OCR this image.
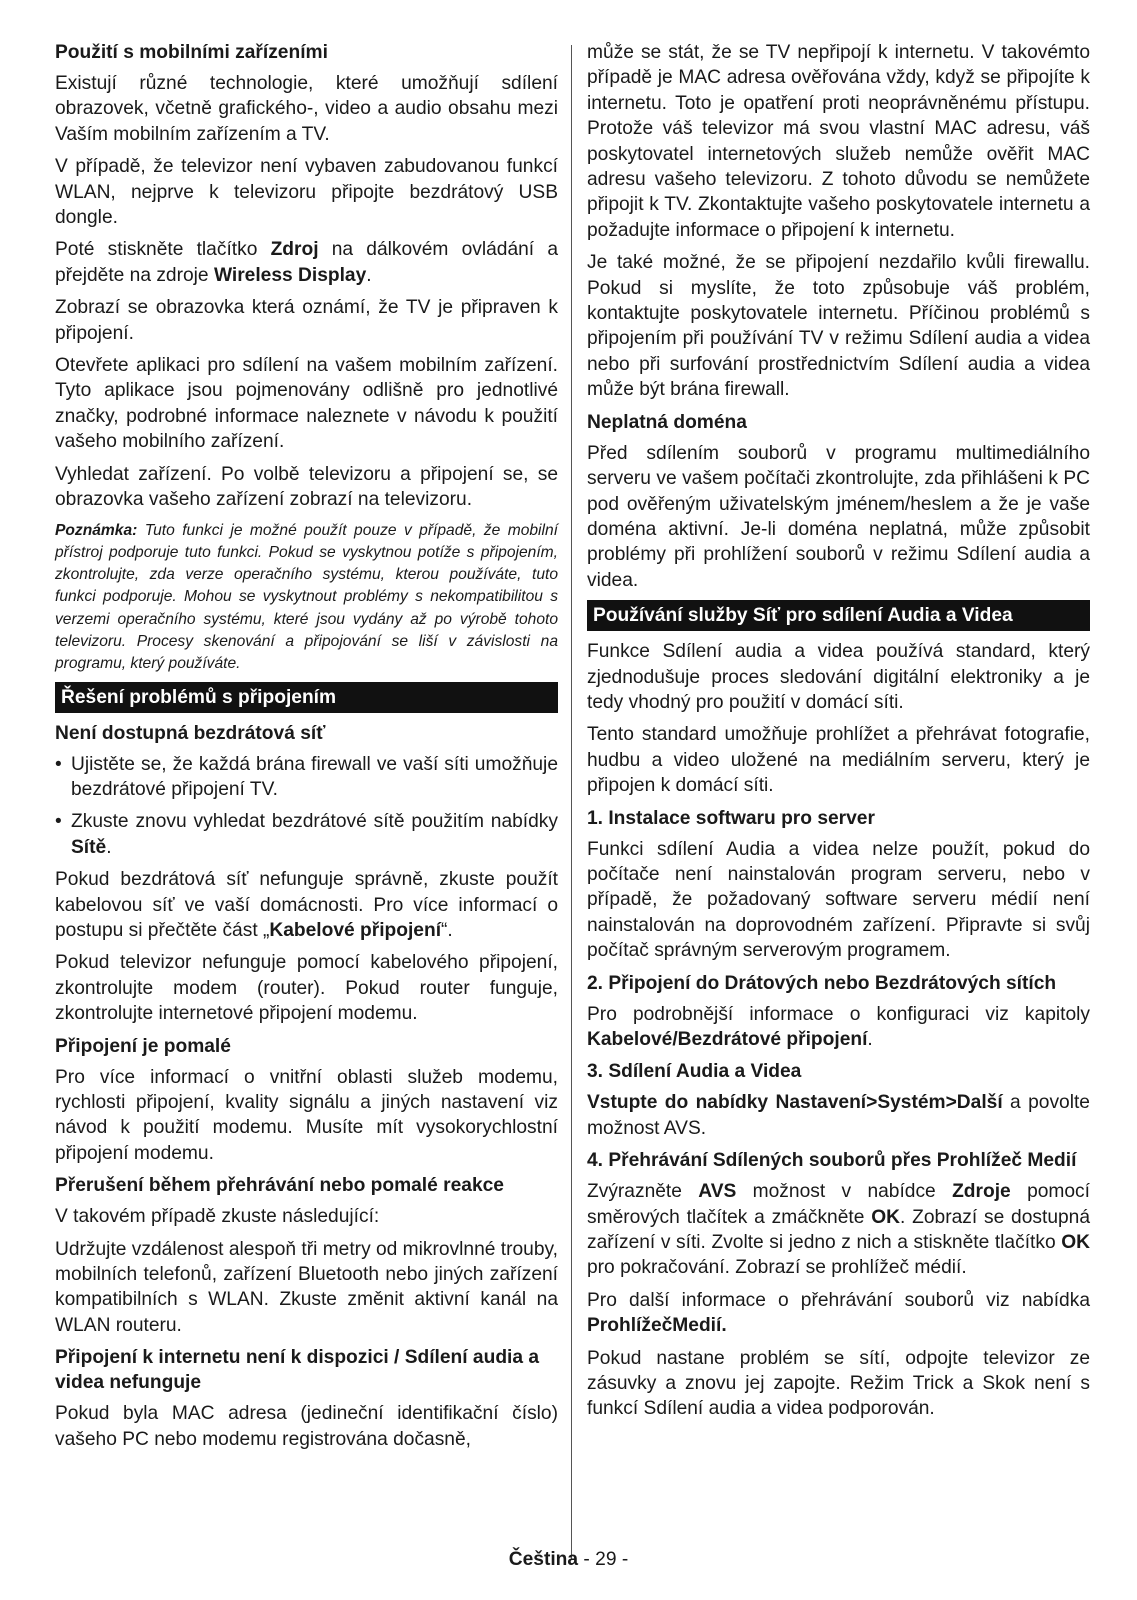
Použití s mobilními zařízeními
Existují různé technologie, které umožňují sdílení obrazovek, včetně grafického-, video a audio obsahu mezi Vaším mobilním zařízením a TV.
V případě, že televizor není vybaven zabudovanou funkcí WLAN, nejprve k televizoru připojte bezdrátový USB dongle.
Poté stiskněte tlačítko Zdroj na dálkovém ovládání a přejděte na zdroje Wireless Display.
Zobrazí se obrazovka která oznámí, že TV je připraven k připojení.
Otevřete aplikaci pro sdílení na vašem mobilním zařízení. Tyto aplikace jsou pojmenovány odlišně pro jednotlivé značky, podrobné informace naleznete v návodu k použití vašeho mobilního zařízení.
Vyhledat zařízení. Po volbě televizoru a připojení se, se obrazovka vašeho zařízení zobrazí na televizoru.
Poznámka: Tuto funkci je možné použít pouze v případě, že mobilní přístroj podporuje tuto funkci. Pokud se vyskytnou potíže s připojením, zkontrolujte, zda verze operačního systému, kterou používáte, tuto funkci podporuje. Mohou se vyskytnout problémy s nekompatibilitou s verzemi operačního systému, které jsou vydány až po výrobě tohoto televizoru. Procesy skenování a připojování se liší v závislosti na programu, který používáte.
Řešení problémů s připojením
Není dostupná bezdrátová síť
• Ujistěte se, že každá brána firewall ve vaší síti umožňuje bezdrátové připojení TV.
• Zkuste znovu vyhledat bezdrátové sítě použitím nabídky Sítě.
Pokud bezdrátová síť nefunguje správně, zkuste použít kabelovou síť ve vaší domácnosti. Pro více informací o postupu si přečtěte část „Kabelové připojení“.
Pokud televizor nefunguje pomocí kabelového připojení, zkontrolujte modem (router). Pokud router funguje, zkontrolujte internetové připojení modemu.
Připojení je pomalé
Pro více informací o vnitřní oblasti služeb modemu, rychlosti připojení, kvality signálu a jiných nastavení viz návod k použití modemu. Musíte mít vysokorychlostní připojení modemu.
Přerušení během přehrávání nebo pomalé reakce
V takovém případě zkuste následující:
Udržujte vzdálenost alespoň tři metry od mikrovlnné trouby, mobilních telefonů, zařízení Bluetooth nebo jiných zařízení kompatibilních s WLAN. Zkuste změnit aktivní kanál na WLAN routeru.
Připojení k internetu není k dispozici / Sdílení audia a videa nefunguje
Pokud byla MAC adresa (jedineční identifikační číslo) vašeho PC nebo modemu registrována dočasně,
může se stát, že se TV nepřipojí k internetu. V takovémto případě je MAC adresa ověřována vždy, když se připojíte k internetu. Toto je opatření proti neoprávněnému přístupu. Protože váš televizor má svou vlastní MAC adresu, váš poskytovatel internetových služeb nemůže ověřit MAC adresu vašeho televizoru. Z tohoto důvodu se nemůžete připojit k TV. Zkontaktujte vašeho poskytovatele internetu a požadujte informace o připojení k internetu.
Je také možné, že se připojení nezdařilo kvůli firewallu. Pokud si myslíte, že toto způsobuje váš problém, kontaktujte poskytovatele internetu. Příčinou problémů s připojením při používání TV v režimu Sdílení audia a videa nebo při surfování prostřednictvím Sdílení audia a videa může být brána firewall.
Neplatná doména
Před sdílením souborů v programu multimediálního serveru ve vašem počítači zkontrolujte, zda přihlášeni k PC pod ověřeným uživatelským jménem/heslem a že je vaše doména aktivní. Je-li doména neplatná, může způsobit problémy při prohlížení souborů v režimu Sdílení audia a videa.
Používání služby Síť pro sdílení Audia a Videa
Funkce Sdílení audia a videa používá standard, který zjednodušuje proces sledování digitální elektroniky a je tedy vhodný pro použití v domácí síti.
Tento standard umožňuje prohlížet a přehrávat fotografie, hudbu a video uložené na mediálním serveru, který je připojen k domácí síti.
1. Instalace softwaru pro server
Funkci sdílení Audia a videa nelze použít, pokud do počítače není nainstalován program serveru, nebo v případě, že požadovaný software serveru médií není nainstalován na doprovodném zařízení. Připravte si svůj počítač správným serverovým programem.
2. Připojení do Drátových nebo Bezdrátových sítích
Pro podrobnější informace o konfiguraci viz kapitoly Kabelové/Bezdrátové připojení.
3. Sdílení Audia a Videa
Vstupte do nabídky Nastavení>Systém>Další a povolte možnost AVS.
4. Přehrávání Sdílených souborů přes Prohlížeč Medií
Zvýrazněte AVS možnost v nabídce Zdroje pomocí směrových tlačítek a zmáčkněte OK. Zobrazí se dostupná zařízení v síti. Zvolte si jedno z nich a stiskněte tlačítko OK pro pokračování. Zobrazí se prohlížeč médií.
Pro další informace o přehrávání souborů viz nabídka ProhlížečMedií.
Pokud nastane problém se sítí, odpojte televizor ze zásuvky a znovu jej zapojte. Režim Trick a Skok není s funkcí Sdílení audia a videa podporován.
Čeština - 29 -
